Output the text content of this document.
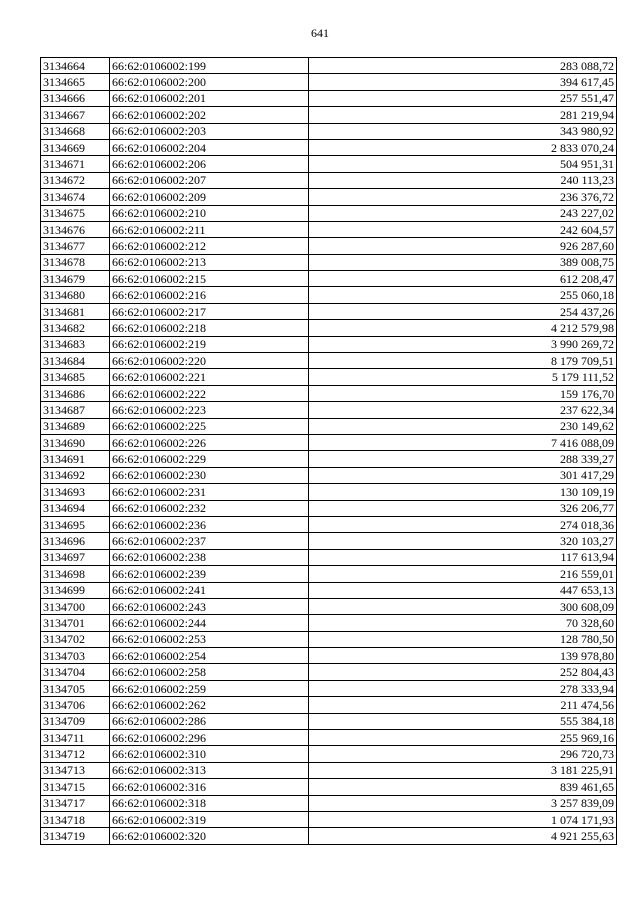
641
3134664	66:62:0106002:199	283 088,72
3134665	66:62:0106002:200	394 617,45
3134666	66:62:0106002:201	257 551,47
3134667	66:62:0106002:202	281 219,94
3134668	66:62:0106002:203	343 980,92
3134669	66:62:0106002:204	2 833 070,24
3134671	66:62:0106002:206	504 951,31
3134672	66:62:0106002:207	240 113,23
3134674	66:62:0106002:209	236 376,72
3134675	66:62:0106002:210	243 227,02
3134676	66:62:0106002:211	242 604,57
3134677	66:62:0106002:212	926 287,60
3134678	66:62:0106002:213	389 008,75
3134679	66:62:0106002:215	612 208,47
3134680	66:62:0106002:216	255 060,18
3134681	66:62:0106002:217	254 437,26
3134682	66:62:0106002:218	4 212 579,98
3134683	66:62:0106002:219	3 990 269,72
3134684	66:62:0106002:220	8 179 709,51
3134685	66:62:0106002:221	5 179 111,52
3134686	66:62:0106002:222	159 176,70
3134687	66:62:0106002:223	237 622,34
3134689	66:62:0106002:225	230 149,62
3134690	66:62:0106002:226	7 416 088,09
3134691	66:62:0106002:229	288 339,27
3134692	66:62:0106002:230	301 417,29
3134693	66:62:0106002:231	130 109,19
3134694	66:62:0106002:232	326 206,77
3134695	66:62:0106002:236	274 018,36
3134696	66:62:0106002:237	320 103,27
3134697	66:62:0106002:238	117 613,94
3134698	66:62:0106002:239	216 559,01
3134699	66:62:0106002:241	447 653,13
3134700	66:62:0106002:243	300 608,09
3134701	66:62:0106002:244	70 328,60
3134702	66:62:0106002:253	128 780,50
3134703	66:62:0106002:254	139 978,80
3134704	66:62:0106002:258	252 804,43
3134705	66:62:0106002:259	278 333,94
3134706	66:62:0106002:262	211 474,56
3134709	66:62:0106002:286	555 384,18
3134711	66:62:0106002:296	255 969,16
3134712	66:62:0106002:310	296 720,73
3134713	66:62:0106002:313	3 181 225,91
3134715	66:62:0106002:316	839 461,65
3134717	66:62:0106002:318	3 257 839,09
3134718	66:62:0106002:319	1 074 171,93
3134719	66:62:0106002:320	4 921 255,63
